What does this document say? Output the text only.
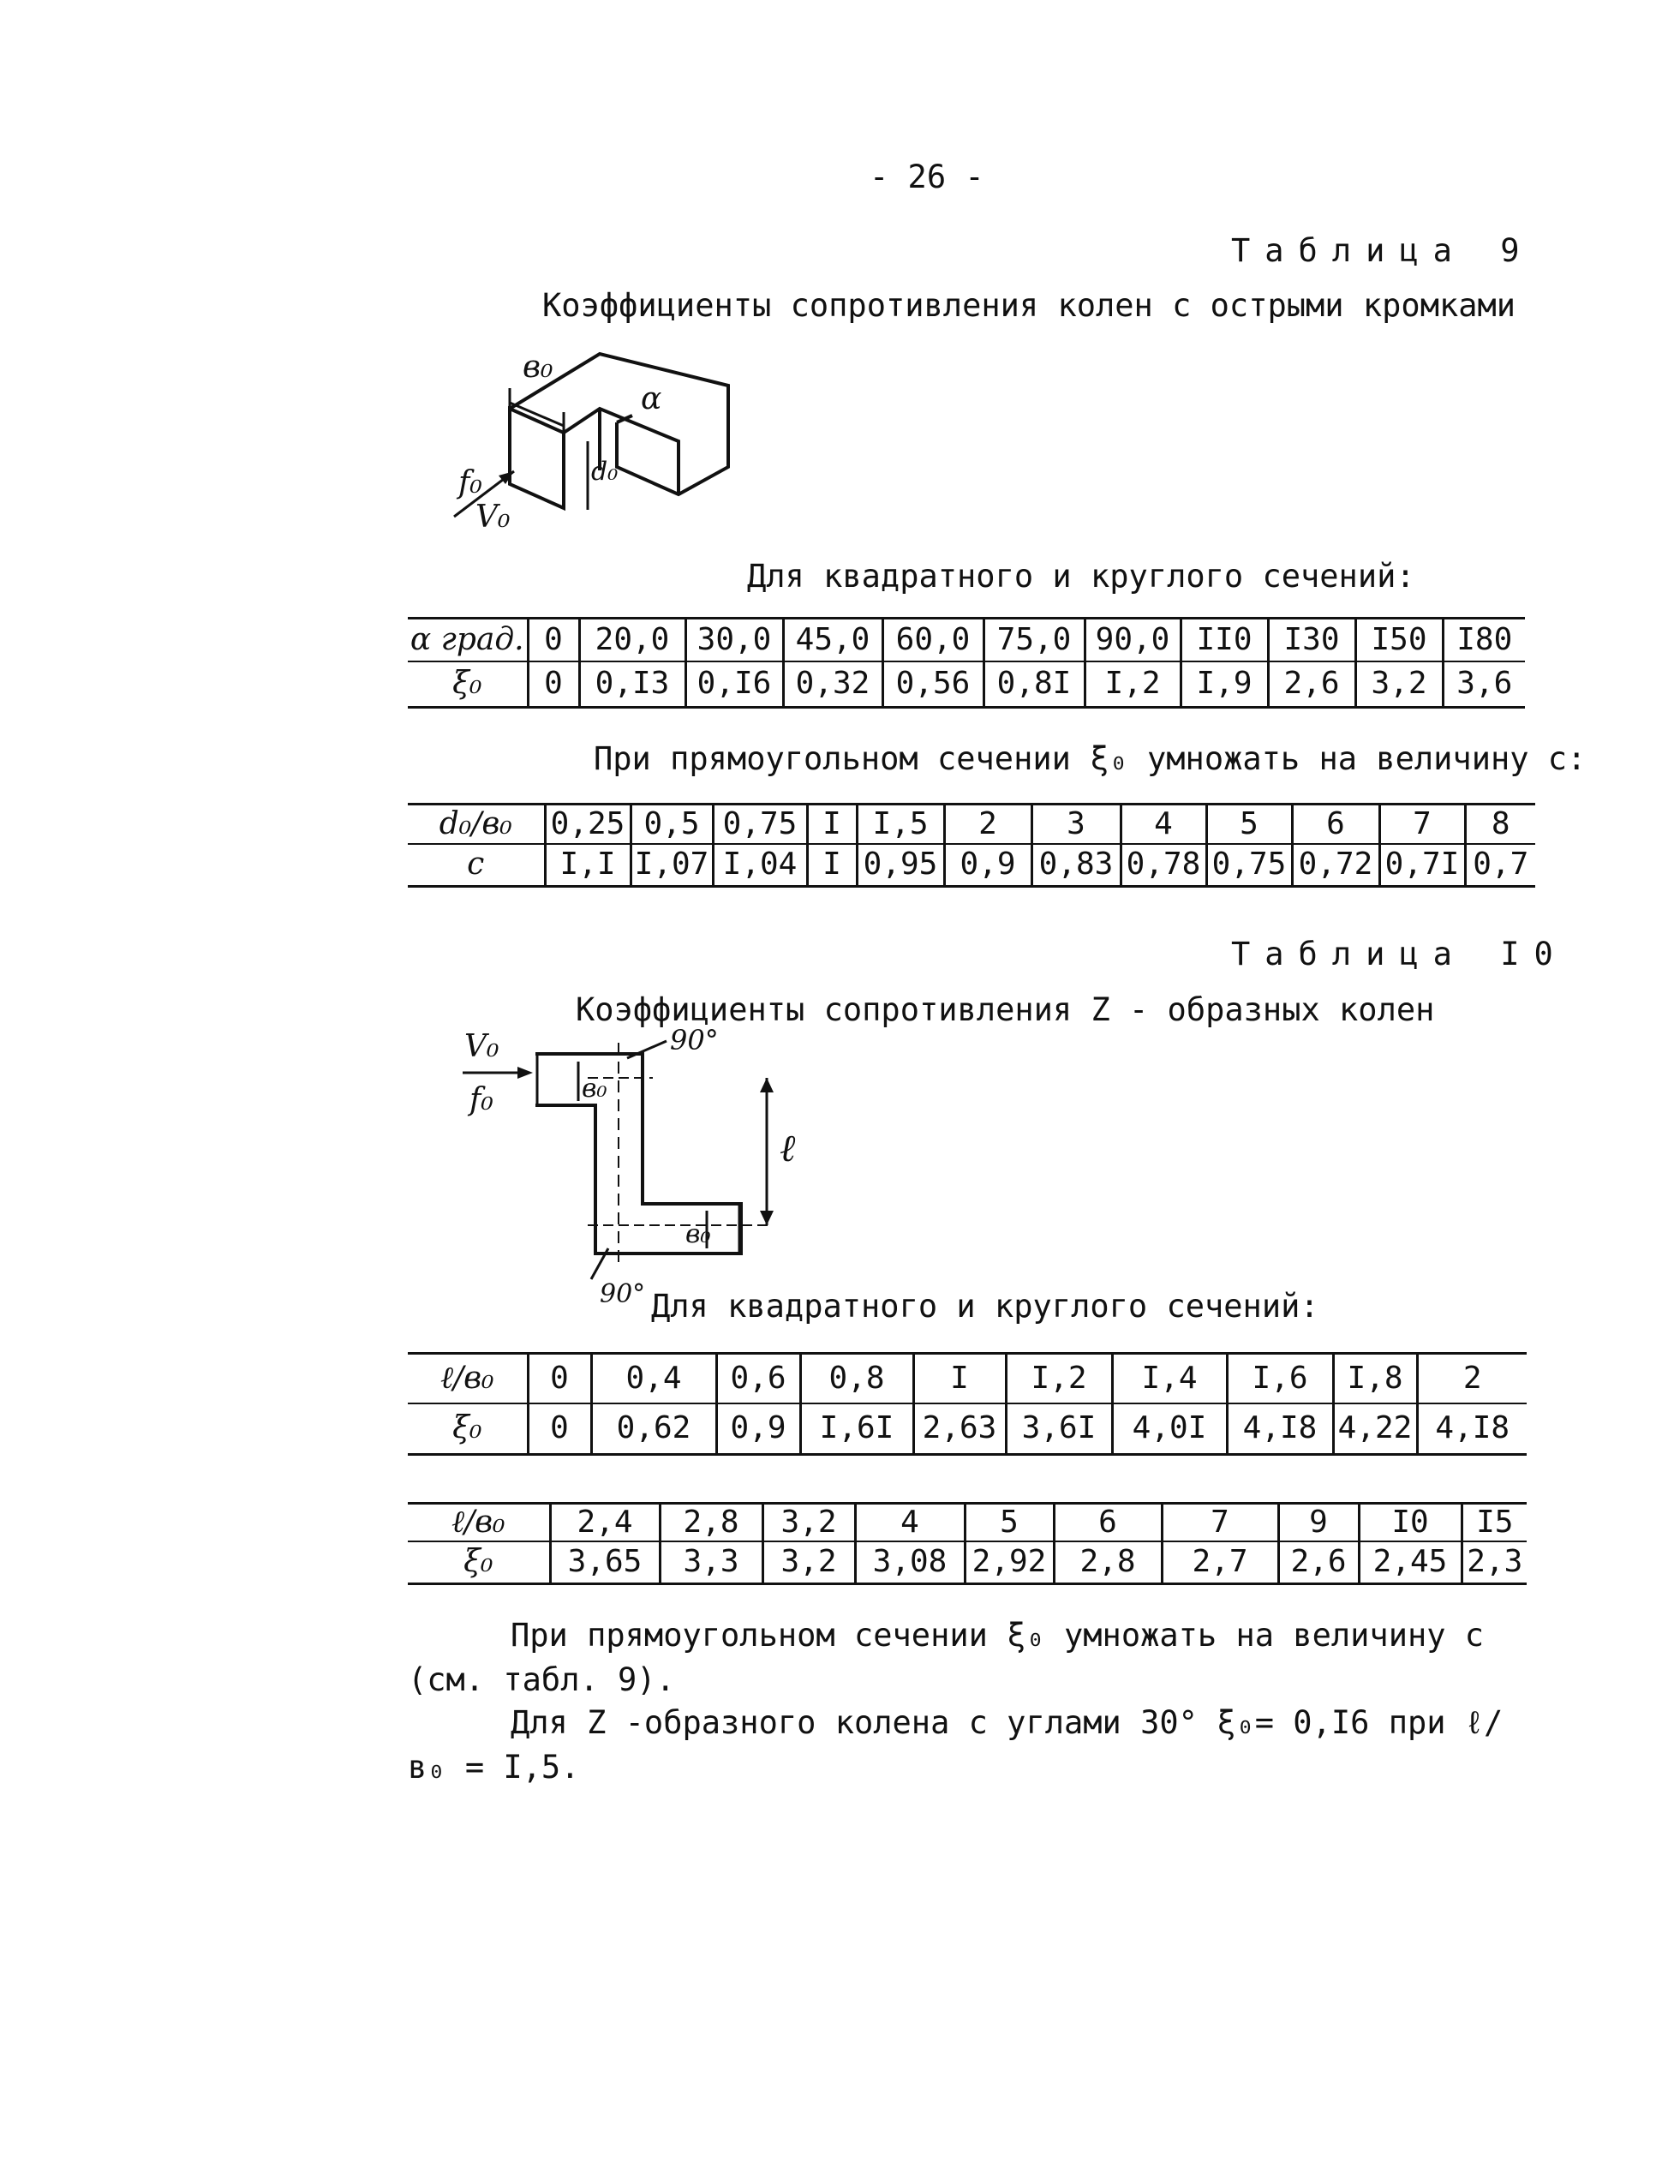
- 26 -
Таблица 9
Коэффициенты сопротивления колен с острыми кромками
в₀
α
f₀
V₀
d₀
Для квадратного и круглого сечений:
α град.	0	20,0	30,0	45,0	60,0	75,0	90,0	II0	I30	I50	I80
ξ₀	0	0,I3	0,I6	0,32	0,56	0,8I	I,2	I,9	2,6	3,2	3,6
При прямоугольном сечении ξ₀ умножать на величину с:
d₀/в₀	0,25	0,5	0,75	I	I,5	2	3	4	5	6	7	8
c	I,I	I,07	I,04	I	0,95	0,9	0,83	0,78	0,75	0,72	0,7I	0,7
Таблица I0
Коэффициенты сопротивления Z - образных колен
V₀
f₀
90°
в₀
ℓ
в₀
90° Для квадратного и круглого сечений:
ℓ/в₀	0	0,4	0,6	0,8	I	I,2	I,4	I,6	I,8	2
ξ₀	0	0,62	0,9	I,6I	2,63	3,6I	4,0I	4,I8	4,22	4,I8
ℓ/в₀	2,4	2,8	3,2	4	5	6	7	9	I0	I5
ξ₀	3,65	3,3	3,2	3,08	2,92	2,8	2,7	2,6	2,45	2,3
При прямоугольном сечении ξ₀ умножать на величину с (см. табл. 9).
Для Z -образного колена с углами 30° ξ₀= 0,I6 при ℓ/в₀ = I,5.
